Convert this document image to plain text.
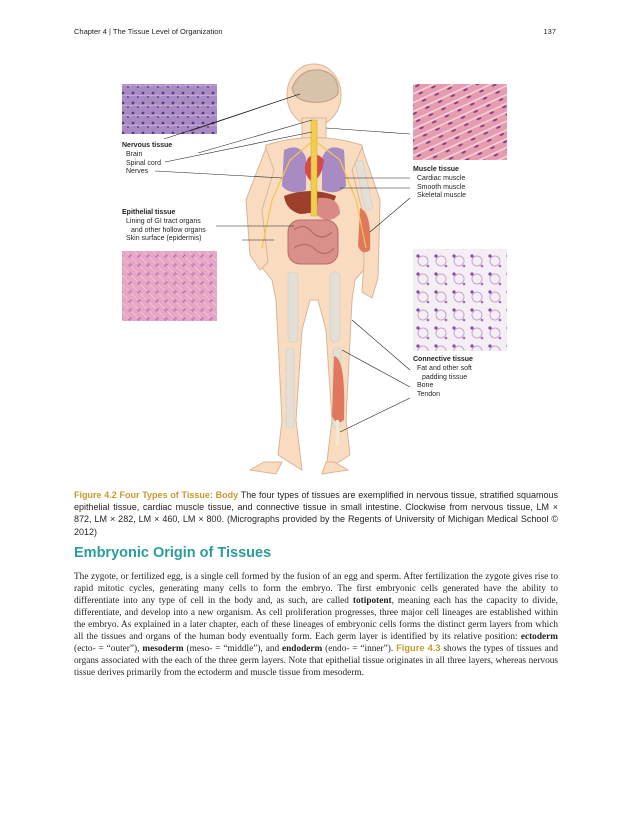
Chapter 4 | The Tissue Level of Organization	137
Nervous tissue
Brain
Spinal cord
Nerves
Epithelial tissue
Lining of GI tract organs
and other hollow organs
Skin surface (epidermis)
Muscle tissue
Cardiac muscle
Smooth muscle
Skeletal muscle
Connective tissue
Fat and other soft
padding tissue
Bone
Tendon
Figure 4.2 Four Types of Tissue: Body The four types of tissues are exemplified in nervous tissue, stratified squamous epithelial tissue, cardiac muscle tissue, and connective tissue in small intestine. Clockwise from nervous tissue, LM × 872, LM × 282, LM × 460, LM × 800. (Micrographs provided by the Regents of University of Michigan Medical School © 2012)
Embryonic Origin of Tissues
The zygote, or fertilized egg, is a single cell formed by the fusion of an egg and sperm. After fertilization the zygote gives rise to rapid mitotic cycles, generating many cells to form the embryo. The first embryonic cells generated have the ability to differentiate into any type of cell in the body and, as such, are called totipotent, meaning each has the capacity to divide, differentiate, and develop into a new organism. As cell proliferation progresses, three major cell lineages are established within the embryo. As explained in a later chapter, each of these lineages of embryonic cells forms the distinct germ layers from which all the tissues and organs of the human body eventually form. Each germ layer is identified by its relative position: ectoderm (ecto- = “outer”), mesoderm (meso- = “middle”), and endoderm (endo- = “inner”). Figure 4.3 shows the types of tissues and organs associated with the each of the three germ layers. Note that epithelial tissue originates in all three layers, whereas nervous tissue derives primarily from the ectoderm and muscle tissue from mesoderm.
